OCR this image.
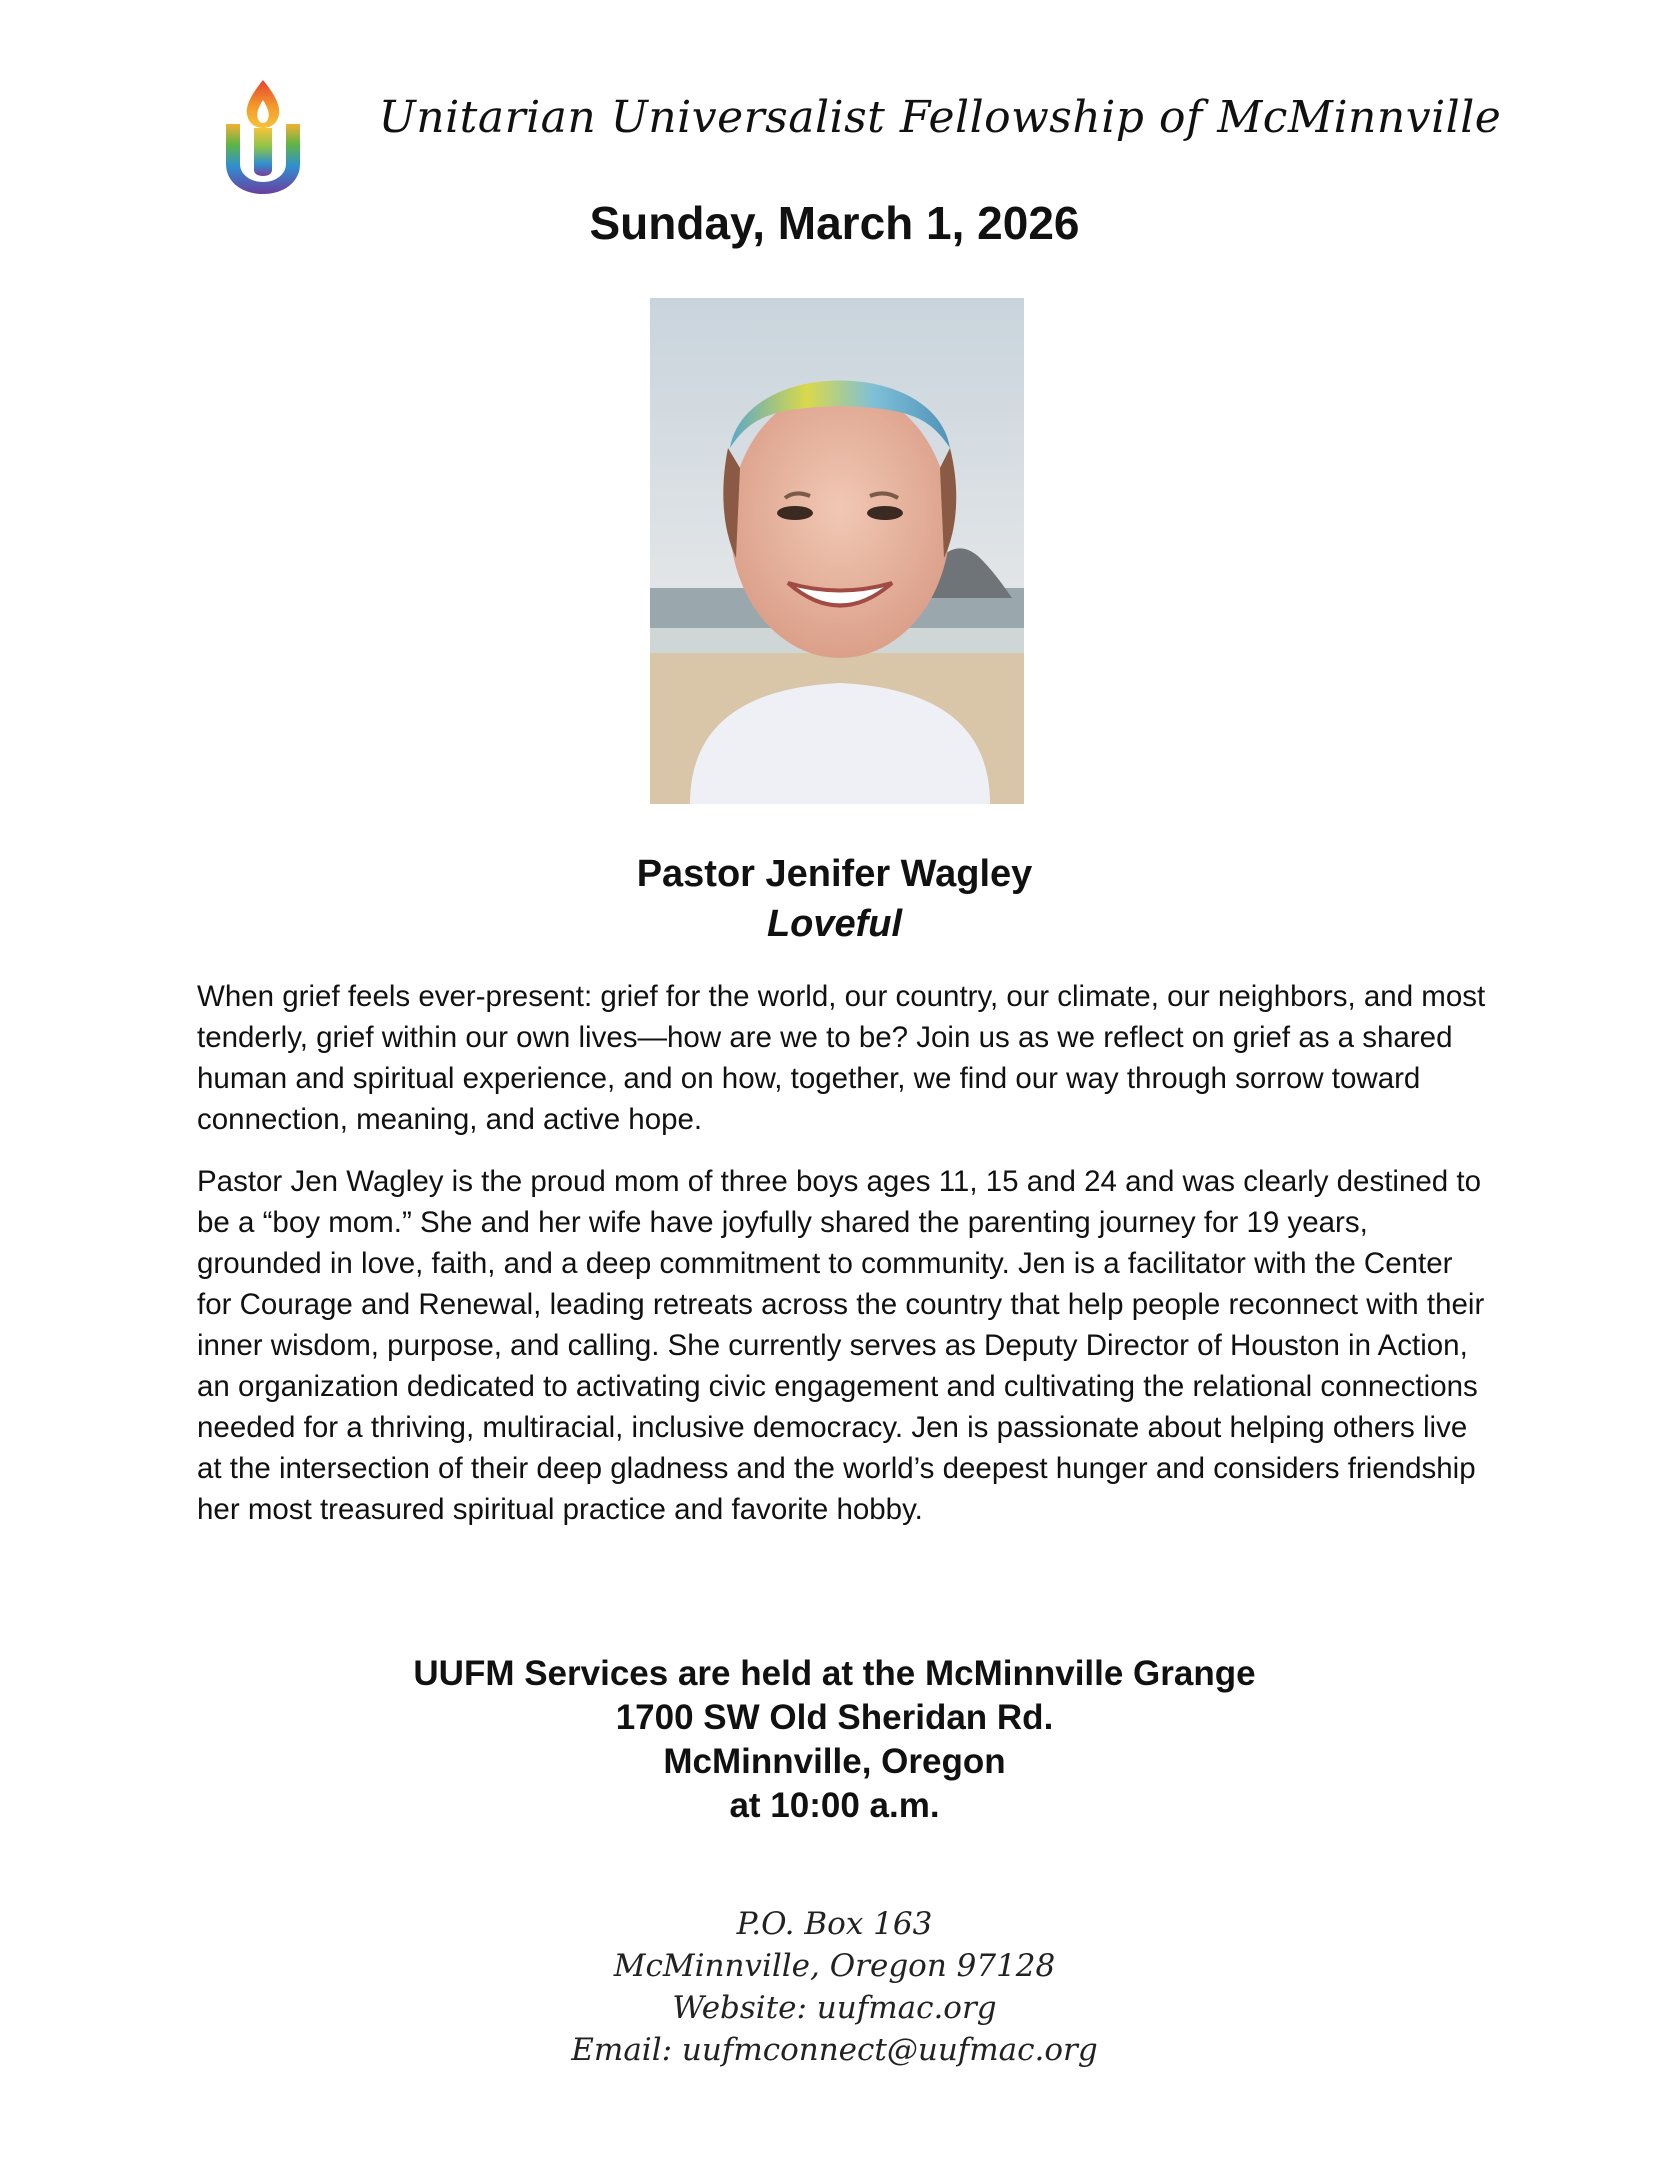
Unitarian Universalist Fellowship of McMinnville
Sunday, March 1, 2026
Pastor Jenifer Wagley
Loveful

When grief feels ever-present: grief for the world, our country, our climate, our neighbors, and most tenderly, grief within our own lives—how are we to be? Join us as we reflect on grief as a shared human and spiritual experience, and on how, together, we find our way through sorrow toward connection, meaning, and active hope.

Pastor Jen Wagley is the proud mom of three boys ages 11, 15 and 24 and was clearly destined to be a “boy mom.” She and her wife have joyfully shared the parenting journey for 19 years, grounded in love, faith, and a deep commitment to community. Jen is a facilitator with the Center for Courage and Renewal, leading retreats across the country that help people reconnect with their inner wisdom, purpose, and calling. She currently serves as Deputy Director of Houston in Action, an organization dedicated to activating civic engagement and cultivating the relational connections needed for a thriving, multiracial, inclusive democracy. Jen is passionate about helping others live at the intersection of their deep gladness and the world’s deepest hunger and considers friendship her most treasured spiritual practice and favorite hobby.

UUFM Services are held at the McMinnville Grange
1700 SW Old Sheridan Rd.
McMinnville, Oregon
at 10:00 a.m.
P.O. Box 163
McMinnville, Oregon 97128
Website: uufmac.org
Email: uufmconnect@uufmac.org
